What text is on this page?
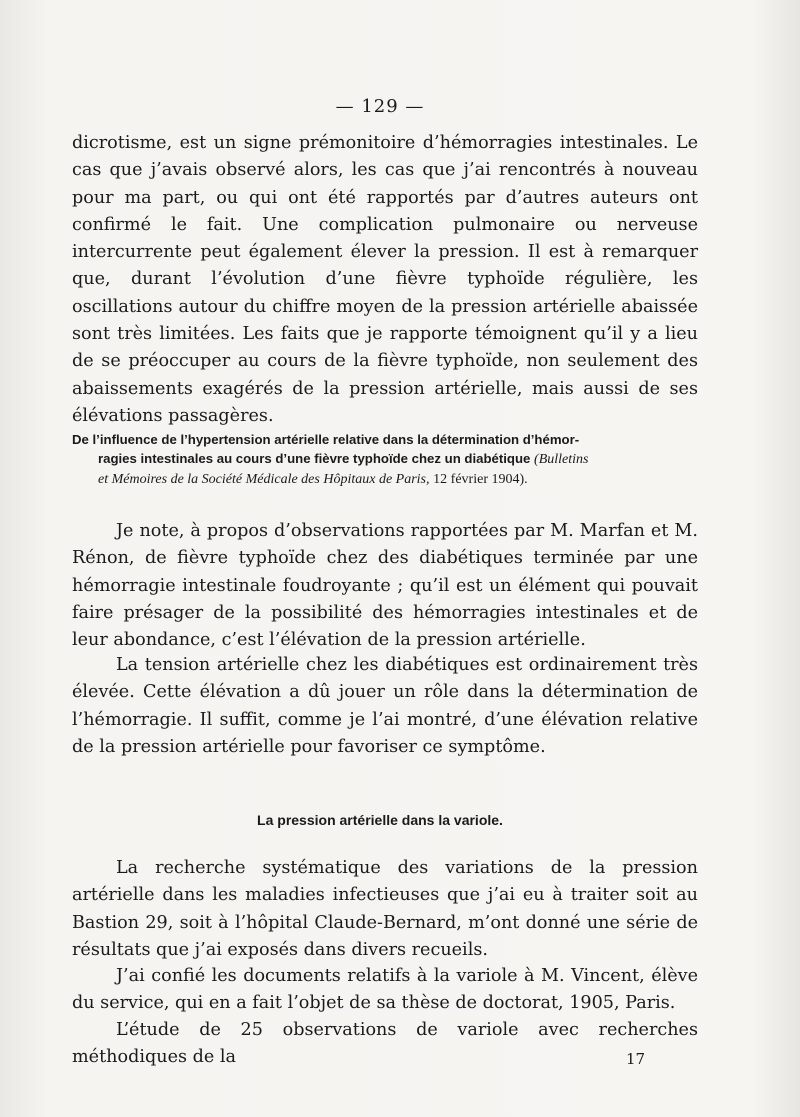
— 129 —

dicrotisme, est un signe prémonitoire d’hémorragies intestinales. Le cas que j’avais observé alors, les cas que j’ai rencontrés à nouveau pour ma part, ou qui ont été rapportés par d’autres auteurs ont confirmé le fait. Une complication pulmonaire ou nerveuse intercurrente peut également élever la pression. Il est à remarquer que, durant l’évolution d’une fièvre typhoïde régulière, les oscillations autour du chiffre moyen de la pression artérielle abaissée sont très limitées. Les faits que je rapporte témoignent qu’il y a lieu de se préoccuper au cours de la fièvre typhoïde, non seulement des abaissements exagérés de la pression artérielle, mais aussi de ses élévations passagères.

De l’influence de l’hypertension artérielle relative dans la détermination d’hémor-
ragies intestinales au cours d’une fièvre typhoïde chez un diabétique (Bulletins
et Mémoires de la Société Médicale des Hôpitaux de Paris, 12 février 1904).

Je note, à propos d’observations rapportées par M. Marfan et M. Rénon, de fièvre typhoïde chez des diabétiques terminée par une hémorragie intestinale foudroyante ; qu’il est un élément qui pouvait faire présager de la possibilité des hémorragies intestinales et de leur abondance, c’est l’élévation de la pression artérielle.

La tension artérielle chez les diabétiques est ordinairement très élevée. Cette élévation a dû jouer un rôle dans la détermination de l’hémorragie. Il suffit, comme je l’ai montré, d’une élévation relative de la pression artérielle pour favoriser ce symptôme.

La pression artérielle dans la variole.

La recherche systématique des variations de la pression artérielle dans les maladies infectieuses que j’ai eu à traiter soit au Bastion 29, soit à l’hôpital Claude-Bernard, m’ont donné une série de résultats que j’ai exposés dans divers recueils.

J’ai confié les documents relatifs à la variole à M. Vincent, élève du service, qui en a fait l’objet de sa thèse de doctorat, 1905, Paris.

L’étude de 25 observations de variole avec recherches méthodiques de la	17
